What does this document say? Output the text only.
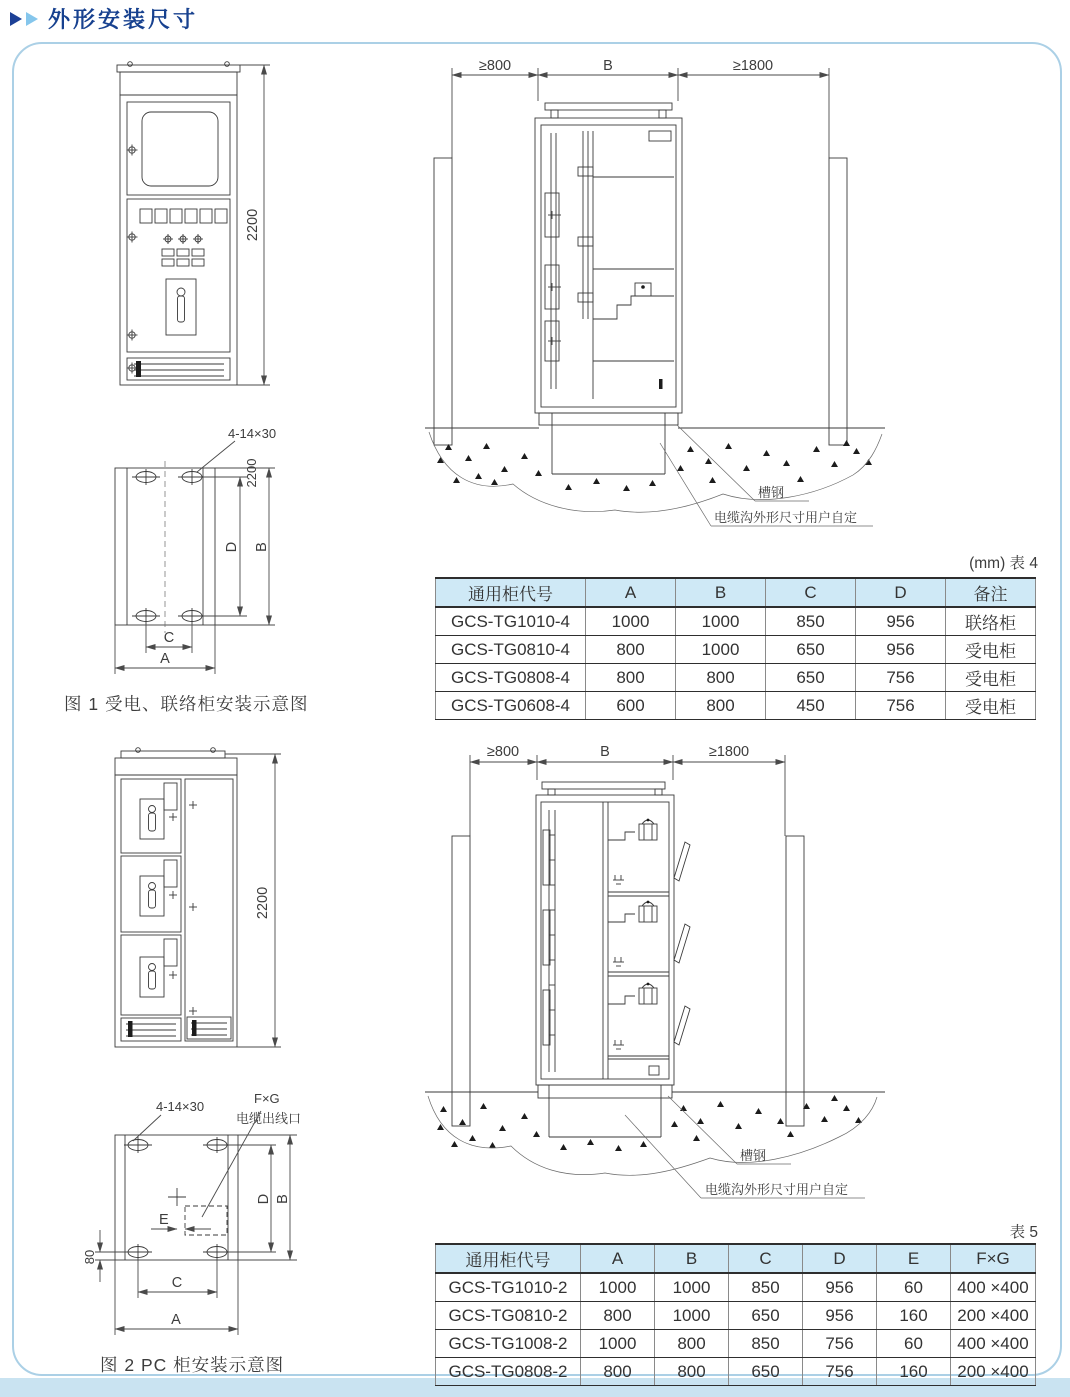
外形安装尺寸
2200
4-14×30
2200
D B
C
A
图 1 受电、联络柜安装示意图
≥800	B	≥1800
槽钢
电缆沟外形尺寸用户自定
(mm) 表 4
通用柜代号	A	B	C	D	备注
GCS-TG1010-4	1000	1000	850	956	联络柜
GCS-TG0810-4	800	1000	650	956	受电柜
GCS-TG0808-4	800	800	650	756	受电柜
GCS-TG0608-4	600	800	450	756	受电柜
2200
4-14×30
F×G
电缆出线口
E
80
D B
C
A
图 2 PC 柜安装示意图
≥800	B	≥1800
槽钢
电缆沟外形尺寸用户自定
表 5
通用柜代号	A	B	C	D	E	F×G
GCS-TG1010-2	1000	1000	850	956	60	400 ×400
GCS-TG0810-2	800	1000	650	956	160	200 ×400
GCS-TG1008-2	1000	800	850	756	60	400 ×400
GCS-TG0808-2	800	800	650	756	160	200 ×400
